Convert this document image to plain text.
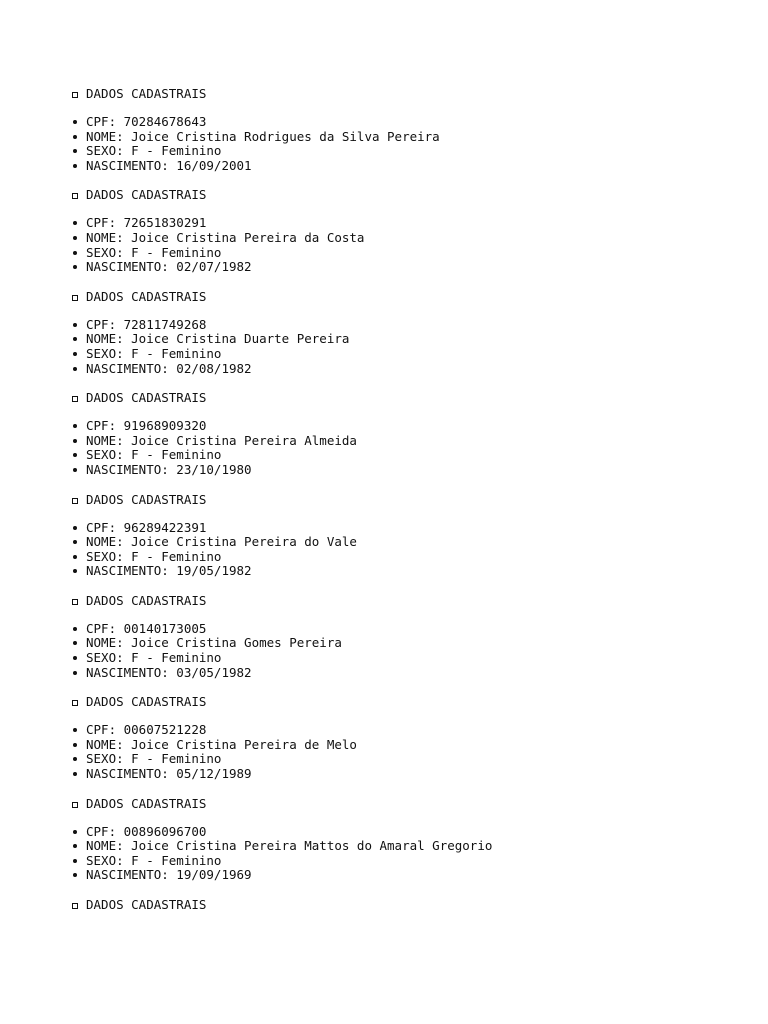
DADOS CADASTRAIS
CPF: 70284678643
NOME: Joice Cristina Rodrigues da Silva Pereira
SEXO: F - Feminino
NASCIMENTO: 16/09/2001
DADOS CADASTRAIS
CPF: 72651830291
NOME: Joice Cristina Pereira da Costa
SEXO: F - Feminino
NASCIMENTO: 02/07/1982
DADOS CADASTRAIS
CPF: 72811749268
NOME: Joice Cristina Duarte Pereira
SEXO: F - Feminino
NASCIMENTO: 02/08/1982
DADOS CADASTRAIS
CPF: 91968909320
NOME: Joice Cristina Pereira Almeida
SEXO: F - Feminino
NASCIMENTO: 23/10/1980
DADOS CADASTRAIS
CPF: 96289422391
NOME: Joice Cristina Pereira do Vale
SEXO: F - Feminino
NASCIMENTO: 19/05/1982
DADOS CADASTRAIS
CPF: 00140173005
NOME: Joice Cristina Gomes Pereira
SEXO: F - Feminino
NASCIMENTO: 03/05/1982
DADOS CADASTRAIS
CPF: 00607521228
NOME: Joice Cristina Pereira de Melo
SEXO: F - Feminino
NASCIMENTO: 05/12/1989
DADOS CADASTRAIS
CPF: 00896096700
NOME: Joice Cristina Pereira Mattos do Amaral Gregorio
SEXO: F - Feminino
NASCIMENTO: 19/09/1969
DADOS CADASTRAIS
